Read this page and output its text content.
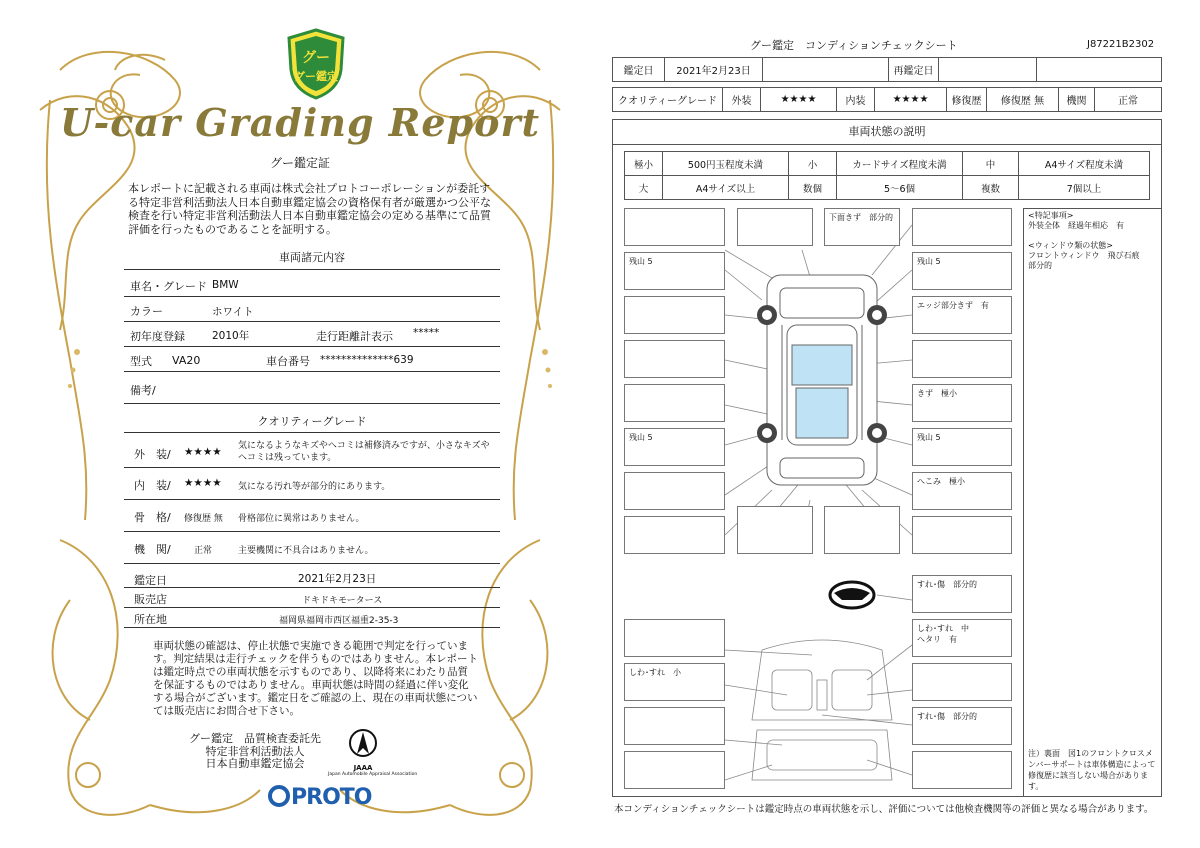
グー
グー鑑定
U-car Grading Report
グー鑑定証
本レポートに記載される車両は株式会社プロトコーポレーションが委託する特定非営利活動法人日本自動車鑑定協会の資格保有者が厳選かつ公平な検査を行い特定非営利活動法人日本自動車鑑定協会の定める基準にて品質評価を行ったものであることを証明する。
車両諸元内容
車名・グレード BMW
カラー	ホワイト
初年度登録	2010年	走行距離計表示 *****
型式 VA20	車台番号 **************639
備考/
クオリティーグレード
外　装/ ★★★★ 気になるようなキズやヘコミは補修済みですが、小さなキズやヘコミは残っています。
内　装/ ★★★★ 気になる汚れ等が部分的にあります。
骨　格/ 修復歴 無 骨格部位に異常はありません。
機　関/	正常	主要機関に不具合はありません。
鑑定日	2021年2月23日
販売店	ドキドキモータース
所在地	福岡県福岡市西区福重2-35-3
車両状態の確認は、停止状態で実施できる範囲で判定を行っています。判定結果は走行チェックを伴うものではありません。本レポートは鑑定時点での車両状態を示すものであり、以降将来にわたり品質を保証するものではありません。車両状態は時間の経過に伴い変化する場合がございます。鑑定日をご確認の上、現在の車両状態については販売店にお問合せ下さい。
グー鑑定　品質検査委託先
特定非営利活動法人
日本自動車鑑定協会	JAAA
Japan Automobile Appraisal Association
PROTO
グー鑑定　コンディションチェックシート	J87221B2302
鑑定日	2021年2月23日		再鑑定日		
クオリティーグレード	外装	★★★★	内装	★★★★	修復歴	修復歴 無	機関	正常
車両状態の説明
極小	500円玉程度未満	小	カードサイズ程度未満	中	A4サイズ程度未満
大	A4サイズ以上	数個	5〜6個	複数	7個以上
下面きず　部分的
残山 5	残山 5
エッジ部分きず　有
きず　極小
残山 5	残山 5
へこみ　極小
すれ･傷　部分的
しわ･すれ　中
ヘタリ　有
しわ･すれ　小
すれ･傷　部分的
<特記事項>
外装全体　経過年相応　有

<ウィンドウ類の状態>
フロントウィンドウ　飛び石痕
部分的
注）裏面　図1のフロントクロスメンバーサポートは車体構造によって修復歴に該当しない場合があります。
本コンディションチェックシートは鑑定時点の車両状態を示し、評価については他検査機関等の評価と異なる場合があります。
